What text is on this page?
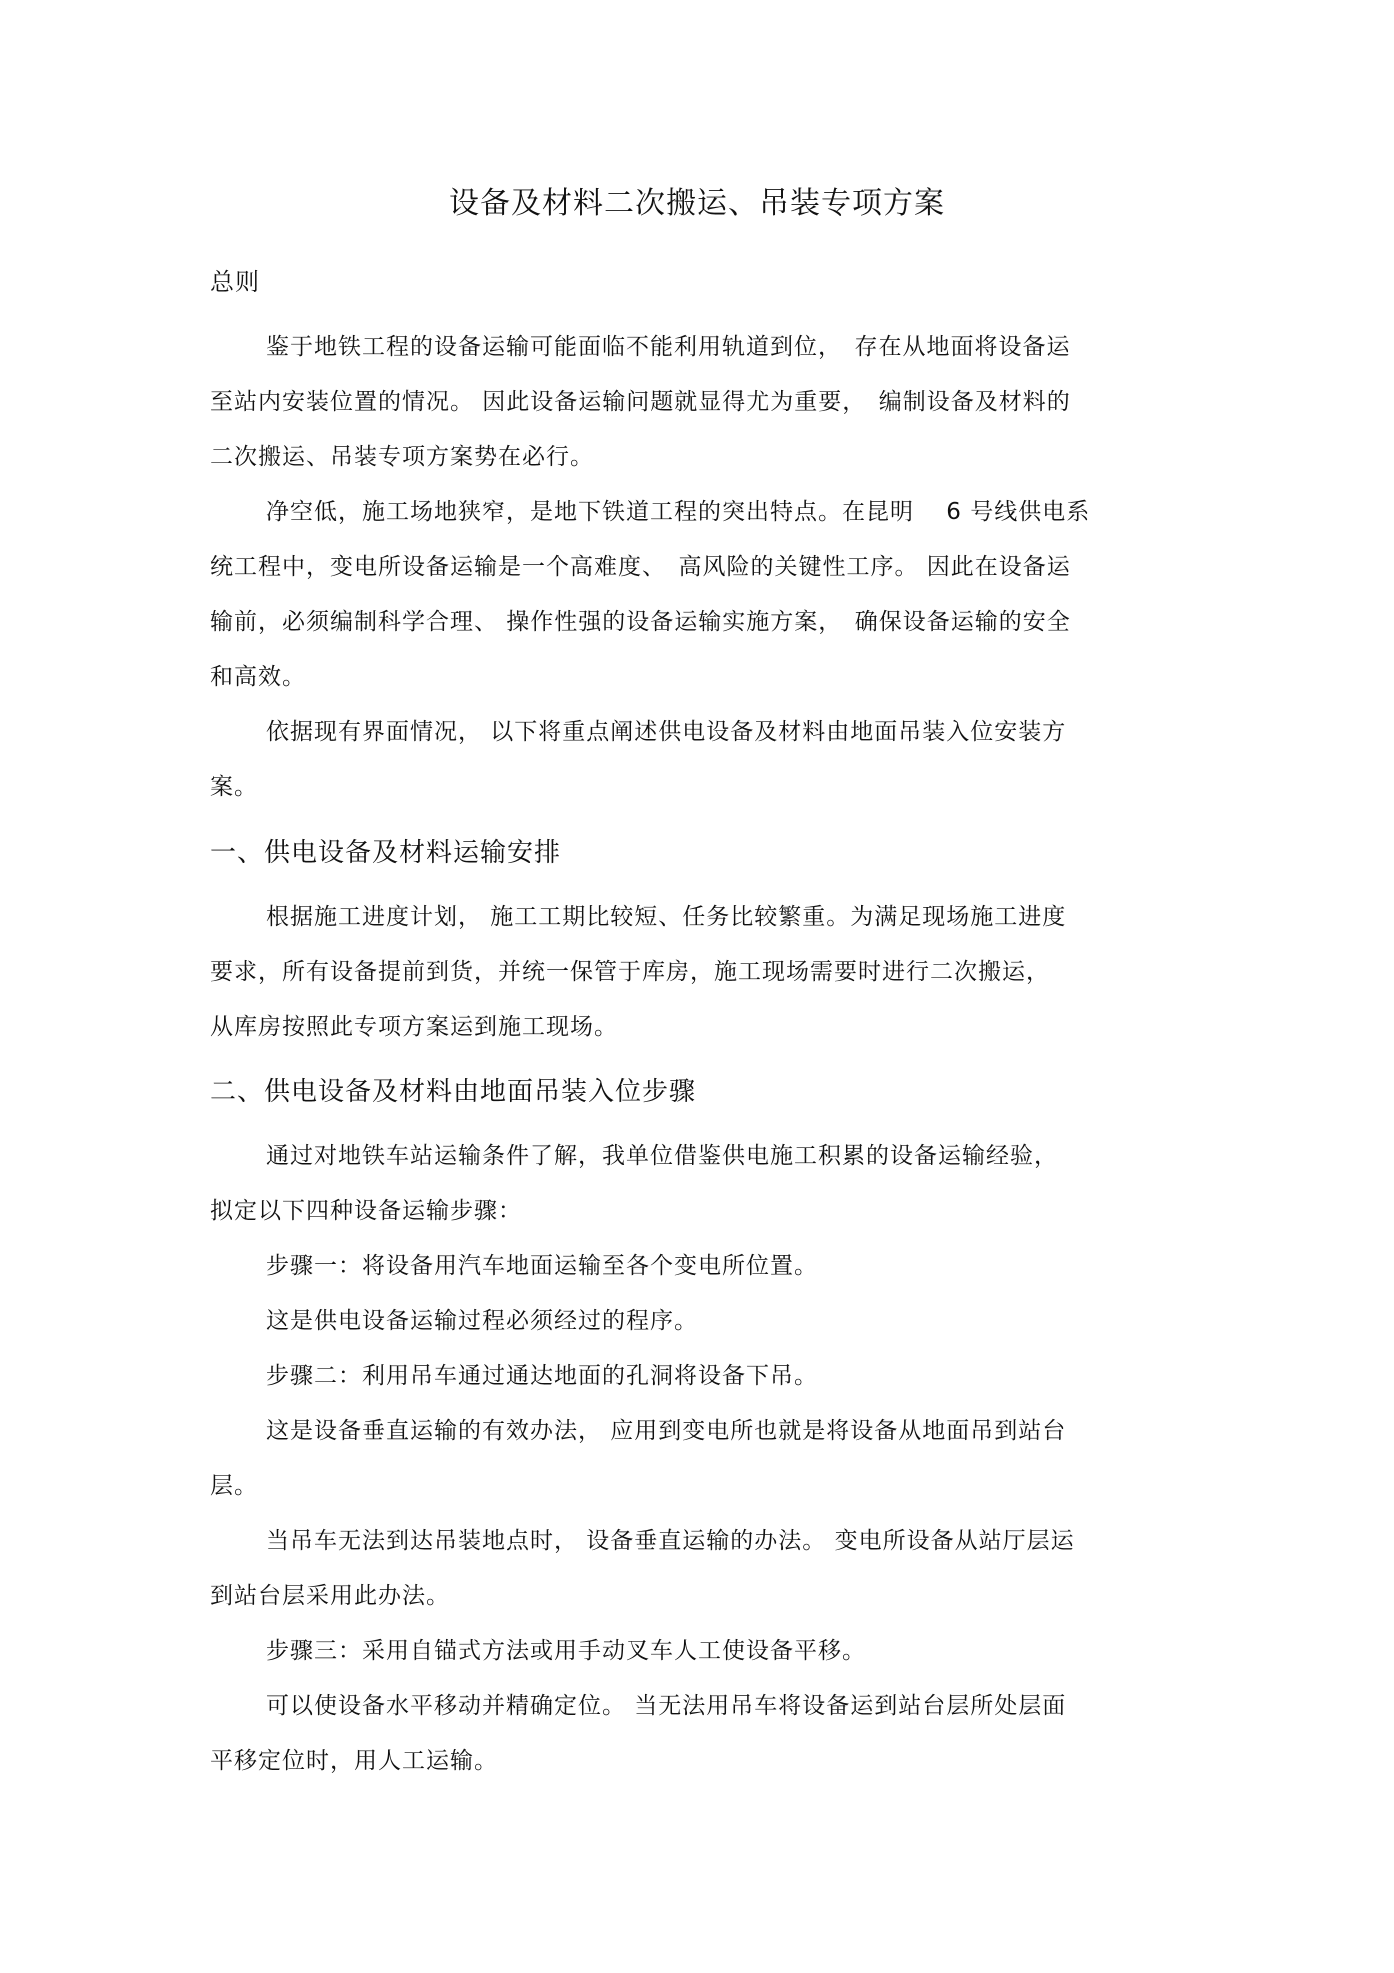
设备及材料二次搬运、吊装专项方案
总则
鉴于地铁工程的设备运输可能面临不能利用轨道到位，　存在从地面将设备运
至站内安装位置的情况。 因此设备运输问题就显得尤为重要，　编制设备及材料的
二次搬运、吊装专项方案势在必行。
净空低，施工场地狭窄，是地下铁道工程的突出特点。在昆明　 6 号线供电系
统工程中，变电所设备运输是一个高难度、　高风险的关键性工序。 因此在设备运
输前，必须编制科学合理、 操作性强的设备运输实施方案，　确保设备运输的安全
和高效。
依据现有界面情况， 以下将重点阐述供电设备及材料由地面吊装入位安装方
案。
一、供电设备及材料运输安排
根据施工进度计划， 施工工期比较短、任务比较繁重。为满足现场施工进度
要求，所有设备提前到货，并统一保管于库房，施工现场需要时进行二次搬运，
从库房按照此专项方案运到施工现场。
二、供电设备及材料由地面吊装入位步骤
通过对地铁车站运输条件了解，我单位借鉴供电施工积累的设备运输经验，
拟定以下四种设备运输步骤：
步骤一：将设备用汽车地面运输至各个变电所位置。
这是供电设备运输过程必须经过的程序。
步骤二：利用吊车通过通达地面的孔洞将设备下吊。
这是设备垂直运输的有效办法， 应用到变电所也就是将设备从地面吊到站台
层。
当吊车无法到达吊装地点时， 设备垂直运输的办法。 变电所设备从站厅层运
到站台层采用此办法。
步骤三：采用自锚式方法或用手动叉车人工使设备平移。
可以使设备水平移动并精确定位。 当无法用吊车将设备运到站台层所处层面
平移定位时，用人工运输。
